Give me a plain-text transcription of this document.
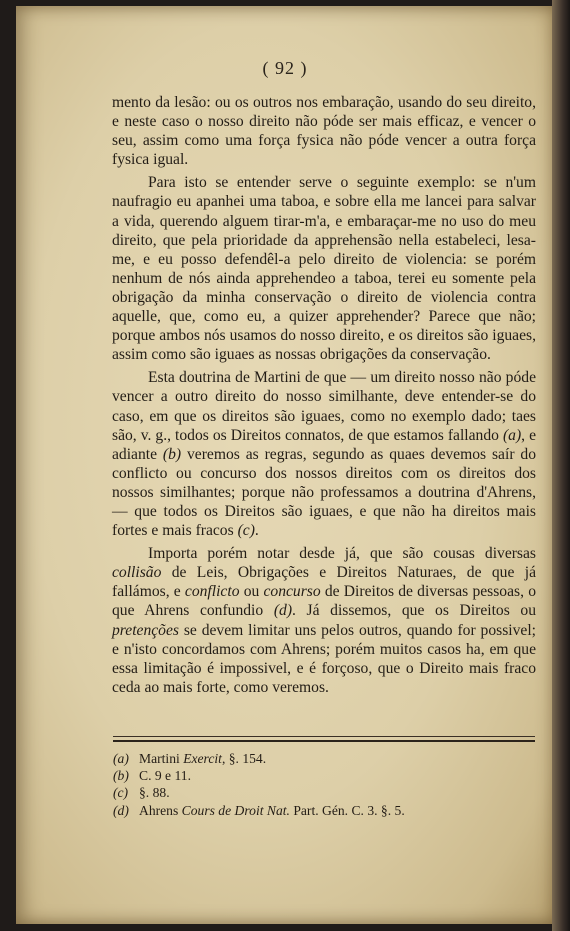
( 92 )

mento da lesão: ou os outros nos embaração, usando do seu direito, e neste caso o nosso direito não póde ser mais efficaz, e vencer o seu, assim como uma força fysica não póde vencer a outra força fysica igual.

Para isto se entender serve o seguinte exemplo: se n'um naufragio eu apanhei uma taboa, e sobre ella me lancei para salvar a vida, querendo alguem tirar-m'a, e embaraçar-me no uso do meu direito, que pela prioridade da apprehensão nella estabeleci, lesa-me, e eu posso defendêl-a pelo direito de violencia: se porém nenhum de nós ainda apprehendeo a taboa, terei eu somente pela obrigação da minha conservação o direito de violencia contra aquelle, que, como eu, a quizer apprehender? Parece que não; porque ambos nós usamos do nosso direito, e os direitos são iguaes, assim como são iguaes as nossas obrigações da conservação.

Esta doutrina de Martini de que — um direito nosso não póde vencer a outro direito do nosso similhante, deve entender-se do caso, em que os direitos são iguaes, como no exemplo dado; taes são, v. g., todos os Direitos connatos, de que estamos fallando (a), e adiante (b) veremos as regras, segundo as quaes devemos saír do conflicto ou concurso dos nossos direitos com os direitos dos nossos similhantes; porque não professamos a doutrina d'Ahrens, — que todos os Direitos são iguaes, e que não ha direitos mais fortes e mais fracos (c).

Importa porém notar desde já, que são cousas diversas collisão de Leis, Obrigações e Direitos Naturaes, de que já fallámos, e conflicto ou concurso de Direitos de diversas pessoas, o que Ahrens confundio (d). Já dissemos, que os Direitos ou pretenções se devem limitar uns pelos outros, quando for possivel; e n'isto concordamos com Ahrens; porém muitos casos ha, em que essa limitação é impossivel, e é forçoso, que o Direito mais fraco ceda ao mais forte, como veremos.

(a) Martini Exercit, §. 154.
(b) C. 9 e 11.
(c) §. 88.
(d) Ahrens Cours de Droit Nat. Part. Gén. C. 3. §. 5.
